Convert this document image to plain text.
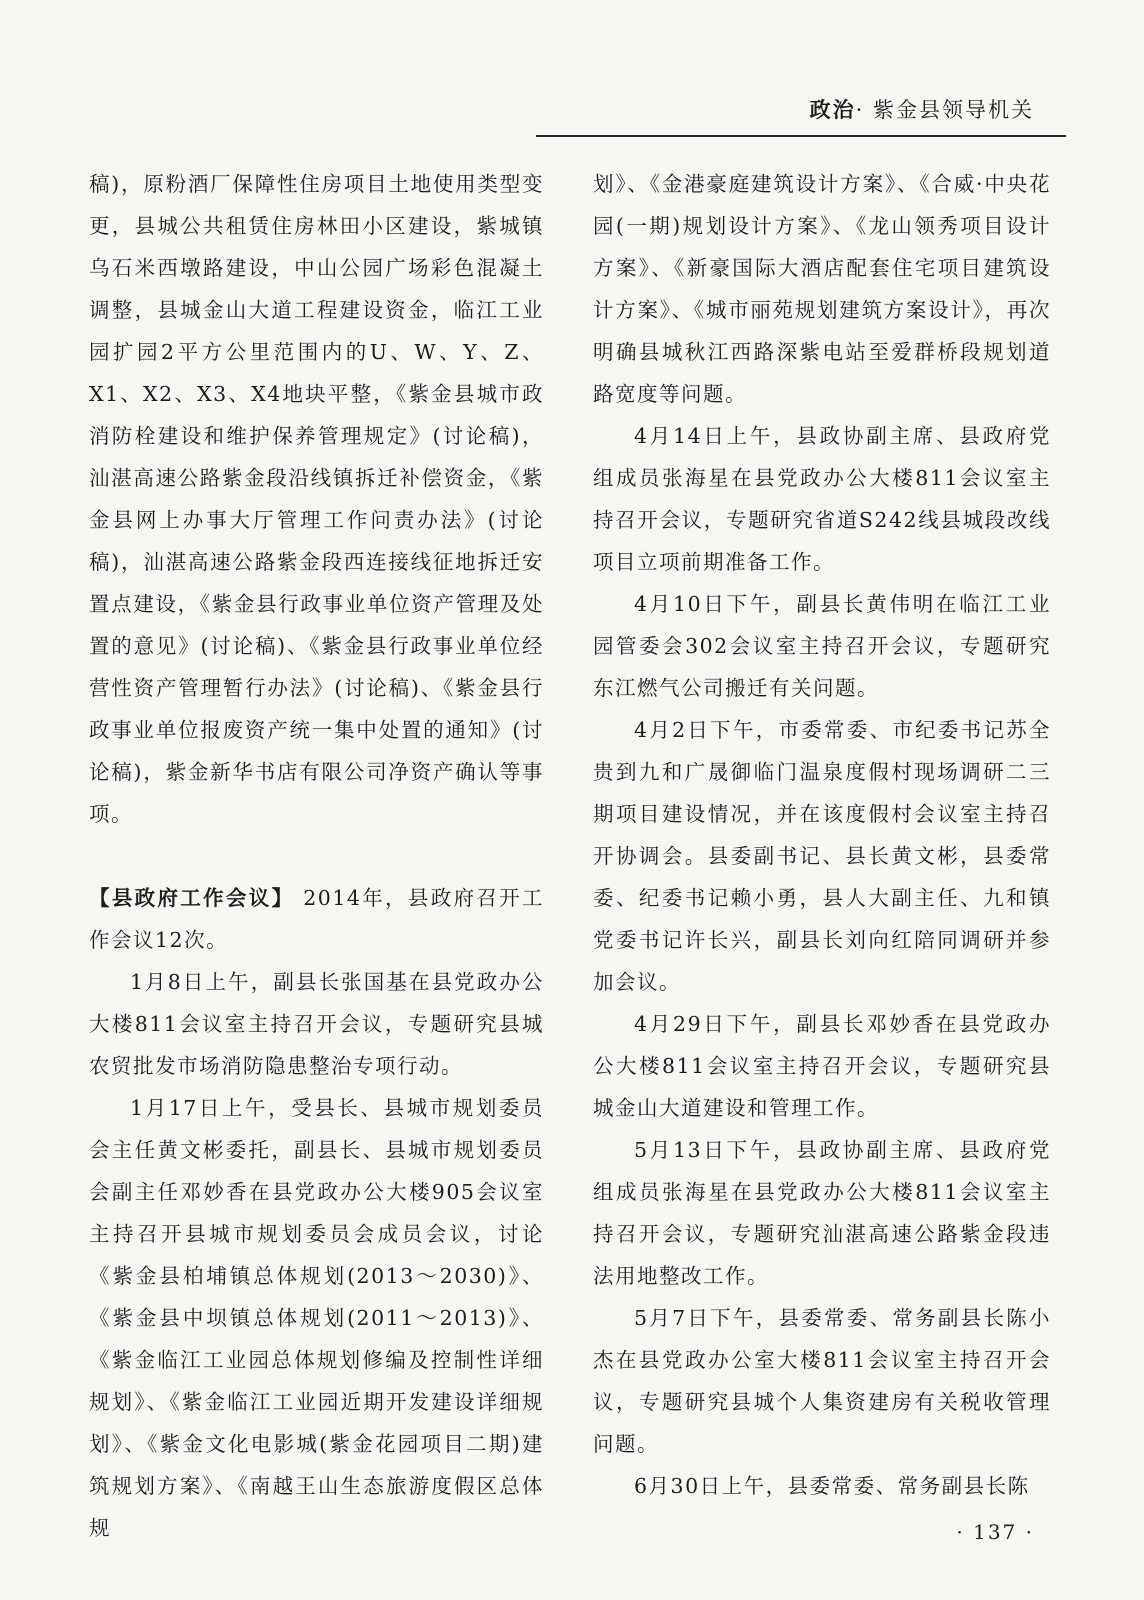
政治· 紫金县领导机关

稿)，原粉酒厂保障性住房项目土地使用类型变更，县城公共租赁住房林田小区建设，紫城镇乌石米西墩路建设，中山公园广场彩色混凝土调整，县城金山大道工程建设资金，临江工业园扩园2平方公里范围内的U、W、Y、Z、X1、X2、X3、X4地块平整，《紫金县城市政消防栓建设和维护保养管理规定》(讨论稿)，汕湛高速公路紫金段沿线镇拆迁补偿资金，《紫金县网上办事大厅管理工作问责办法》(讨论稿)，汕湛高速公路紫金段西连接线征地拆迁安置点建设，《紫金县行政事业单位资产管理及处置的意见》(讨论稿)、《紫金县行政事业单位经营性资产管理暂行办法》(讨论稿)、《紫金县行政事业单位报废资产统一集中处置的通知》(讨论稿)，紫金新华书店有限公司净资产确认等事项。

【县政府工作会议】 2014年，县政府召开工作会议12次。

1月8日上午，副县长张国基在县党政办公大楼811会议室主持召开会议，专题研究县城农贸批发市场消防隐患整治专项行动。

1月17日上午，受县长、县城市规划委员会主任黄文彬委托，副县长、县城市规划委员会副主任邓妙香在县党政办公大楼905会议室主持召开县城市规划委员会成员会议，讨论《紫金县柏埔镇总体规划(2013～2030)》、《紫金县中坝镇总体规划(2011～2013)》、《紫金临江工业园总体规划修编及控制性详细规划》、《紫金临江工业园近期开发建设详细规划》、《紫金文化电影城(紫金花园项目二期)建筑规划方案》、《南越王山生态旅游度假区总体规

划》、《金港豪庭建筑设计方案》、《合威·中央花园(一期)规划设计方案》、《龙山领秀项目设计方案》、《新豪国际大酒店配套住宅项目建筑设计方案》、《城市丽苑规划建筑方案设计》，再次明确县城秋江西路深紫电站至爱群桥段规划道路宽度等问题。

4月14日上午，县政协副主席、县政府党组成员张海星在县党政办公大楼811会议室主持召开会议，专题研究省道S242线县城段改线项目立项前期准备工作。

4月10日下午，副县长黄伟明在临江工业园管委会302会议室主持召开会议，专题研究东江燃气公司搬迁有关问题。

4月2日下午，市委常委、市纪委书记苏全贵到九和广晟御临门温泉度假村现场调研二三期项目建设情况，并在该度假村会议室主持召开协调会。县委副书记、县长黄文彬，县委常委、纪委书记赖小勇，县人大副主任、九和镇党委书记许长兴，副县长刘向红陪同调研并参加会议。

4月29日下午，副县长邓妙香在县党政办公大楼811会议室主持召开会议，专题研究县城金山大道建设和管理工作。

5月13日下午，县政协副主席、县政府党组成员张海星在县党政办公大楼811会议室主持召开会议，专题研究汕湛高速公路紫金段违法用地整改工作。

5月7日下午，县委常委、常务副县长陈小杰在县党政办公室大楼811会议室主持召开会议，专题研究县城个人集资建房有关税收管理问题。

6月30日上午，县委常委、常务副县长陈

· 137 ·
